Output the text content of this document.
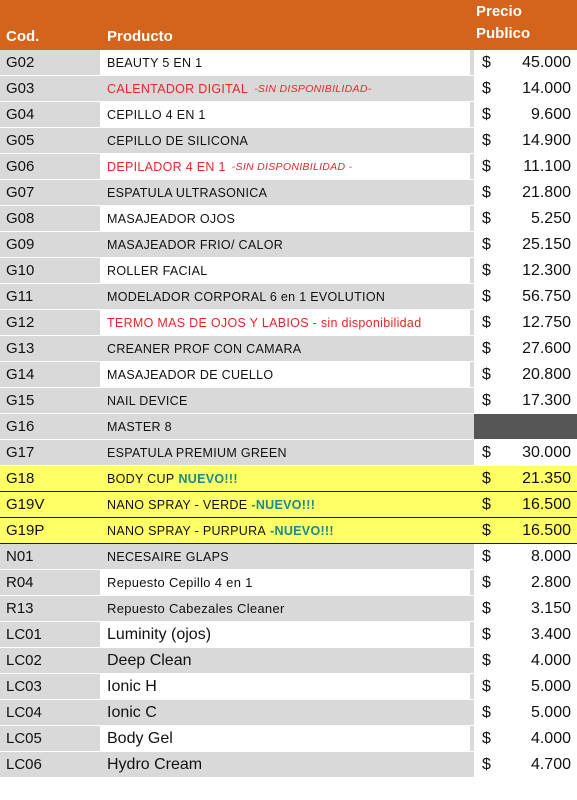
Cod.	Producto
Precio
Publico
G02	BEAUTY 5 EN 1	$ 45.000
G03	CALENTADOR DIGITAL -SIN DISPONIBILIDAD-	$ 14.000
G04	CEPILLO 4 EN 1	$	9.600
G05	CEPILLO DE SILICONA	$ 14.900
G06	DEPILADOR 4 EN 1 -SIN DISPONIBILIDAD -	$ 11.100
G07	ESPATULA ULTRASONICA	$ 21.800
G08	MASAJEADOR OJOS	$	5.250
G09	MASAJEADOR FRIO/ CALOR	$ 25.150
G10	ROLLER FACIAL	$ 12.300
G11	MODELADOR CORPORAL 6 en 1 EVOLUTION	$ 56.750
G12	TERMO MAS DE OJOS Y LABIOS - sin disponibilidad	$ 12.750
G13	CREANER PROF CON CAMARA	$ 27.600
G14	MASAJEADOR DE CUELLO	$ 20.800
G15	NAIL DEVICE	$ 17.300
G16	MASTER 8
G17	ESPATULA PREMIUM GREEN	$ 30.000
G18	BODY CUP NUEVO!!!	$ 21.350
G19V	NANO SPRAY - VERDE -NUEVO!!!	$ 16.500
G19P	NANO SPRAY - PURPURA -NUEVO!!!	$ 16.500
N01	NECESAIRE GLAPS	$	8.000
R04	Repuesto Cepillo 4 en 1	$	2.800
R13	Repuesto Cabezales Cleaner	$	3.150
LC01	Luminity (ojos)	$	3.400
LC02	Deep Clean	$	4.000
LC03	Ionic H	$	5.000
LC04	Ionic C	$	5.000
LC05	Body Gel	$	4.000
LC06	Hydro Cream	$	4.700
